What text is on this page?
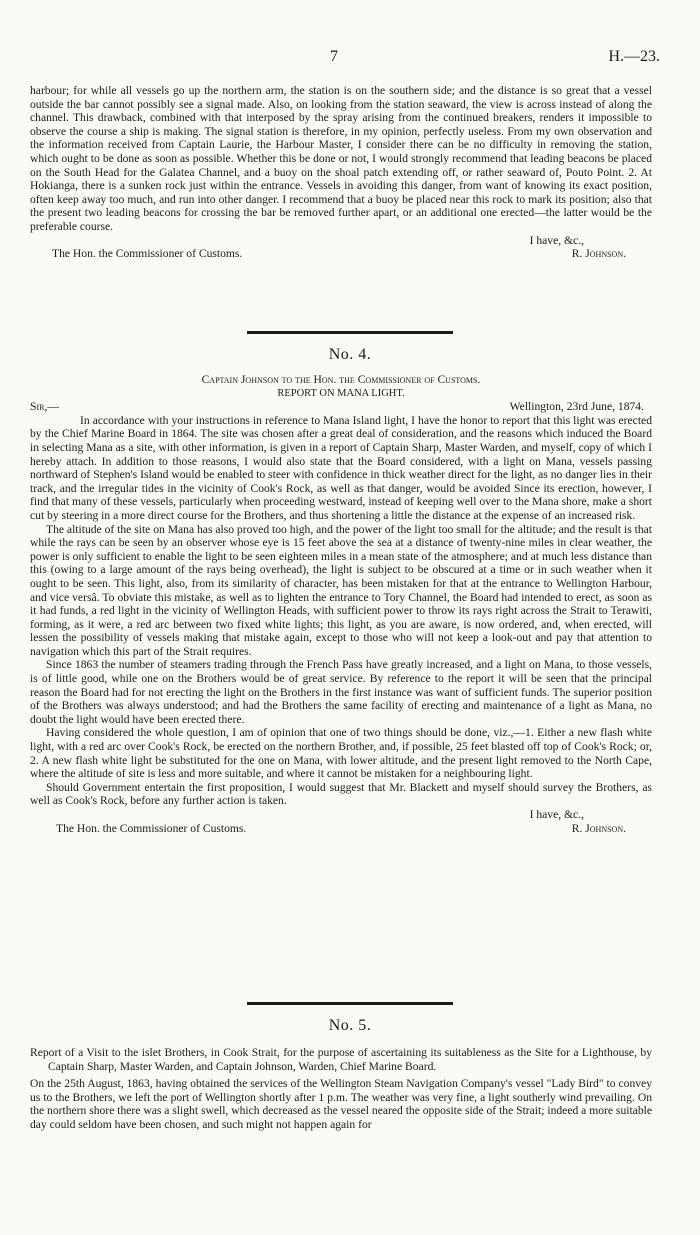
7	H.—23.

harbour; for while all vessels go up the northern arm, the station is on the southern side; and the distance is so great that a vessel outside the bar cannot possibly see a signal made. Also, on looking from the station seaward, the view is across instead of along the channel. This drawback, combined with that interposed by the spray arising from the continued breakers, renders it impossible to observe the course a ship is making. The signal station is therefore, in my opinion, perfectly useless. From my own observation and the information received from Captain Laurie, the Harbour Master, I consider there can be no difficulty in removing the station, which ought to be done as soon as possible. Whether this be done or not, I would strongly recommend that leading beacons be placed on the South Head for the Galatea Channel, and a buoy on the shoal patch extending off, or rather seaward of, Pouto Point. 2. At Hokianga, there is a sunken rock just within the entrance. Vessels in avoiding this danger, from want of knowing its exact position, often keep away too much, and run into other danger. I recommend that a buoy be placed near this rock to mark its position; also that the present two leading beacons for crossing the bar be removed further apart, or an additional one erected—the latter would be the preferable course.

I have, &c.,

The Hon. the Commissioner of Customs.	R. Johnson.
No. 4.

Captain Johnson to the Hon. the Commissioner of Customs.

REPORT ON MANA LIGHT.

Sir,—	Wellington, 23rd June, 1874.

In accordance with your instructions in reference to Mana Island light, I have the honor to report that this light was erected by the Chief Marine Board in 1864. The site was chosen after a great deal of consideration, and the reasons which induced the Board in selecting Mana as a site, with other information, is given in a report of Captain Sharp, Master Warden, and myself, copy of which I hereby attach. In addition to those reasons, I would also state that the Board considered, with a light on Mana, vessels passing northward of Stephen's Island would be enabled to steer with confidence in thick weather direct for the light, as no danger lies in their track, and the irregular tides in the vicinity of Cook's Rock, as well as that danger, would be avoided Since its erection, however, I find that many of these vessels, particularly when proceeding westward, instead of keeping well over to the Mana shore, make a short cut by steering in a more direct course for the Brothers, and thus shortening a little the distance at the expense of an increased risk.

The altitude of the site on Mana has also proved too high, and the power of the light too small for the altitude; and the result is that while the rays can be seen by an observer whose eye is 15 feet above the sea at a distance of twenty-nine miles in clear weather, the power is only sufficient to enable the light to be seen eighteen miles in a mean state of the atmosphere; and at much less distance than this (owing to a large amount of the rays being overhead), the light is subject to be obscured at a time or in such weather when it ought to be seen. This light, also, from its similarity of character, has been mistaken for that at the entrance to Wellington Harbour, and vice versâ. To obviate this mistake, as well as to lighten the entrance to Tory Channel, the Board had intended to erect, as soon as it had funds, a red light in the vicinity of Wellington Heads, with sufficient power to throw its rays right across the Strait to Terawiti, forming, as it were, a red arc between two fixed white lights; this light, as you are aware, is now ordered, and, when erected, will lessen the possibility of vessels making that mistake again, except to those who will not keep a look-out and pay that attention to navigation which this part of the Strait requires.

Since 1863 the number of steamers trading through the French Pass have greatly increased, and a light on Mana, to those vessels, is of little good, while one on the Brothers would be of great service. By reference to the report it will be seen that the principal reason the Board had for not erecting the light on the Brothers in the first instance was want of sufficient funds. The superior position of the Brothers was always understood; and had the Brothers the same facility of erecting and maintenance of a light as Mana, no doubt the light would have been erected there.

Having considered the whole question, I am of opinion that one of two things should be done, viz.,—1. Either a new flash white light, with a red arc over Cook's Rock, be erected on the northern Brother, and, if possible, 25 feet blasted off top of Cook's Rock; or, 2. A new flash white light be substituted for the one on Mana, with lower altitude, and the present light removed to the North Cape, where the altitude of site is less and more suitable, and where it cannot be mistaken for a neighbouring light.

Should Government entertain the first proposition, I would suggest that Mr. Blackett and myself should survey the Brothers, as well as Cook's Rock, before any further action is taken.

I have, &c.,

The Hon. the Commissioner of Customs.	R. Johnson.
No. 5.

Report of a Visit to the islet Brothers, in Cook Strait, for the purpose of ascertaining its suitableness as the Site for a Lighthouse, by Captain Sharp, Master Warden, and Captain Johnson, Warden, Chief Marine Board.

On the 25th August, 1863, having obtained the services of the Wellington Steam Navigation Company's vessel "Lady Bird" to convey us to the Brothers, we left the port of Wellington shortly after 1 p.m. The weather was very fine, a light southerly wind prevailing. On the northern shore there was a slight swell, which decreased as the vessel neared the opposite side of the Strait; indeed a more suitable day could seldom have been chosen, and such might not happen again for
